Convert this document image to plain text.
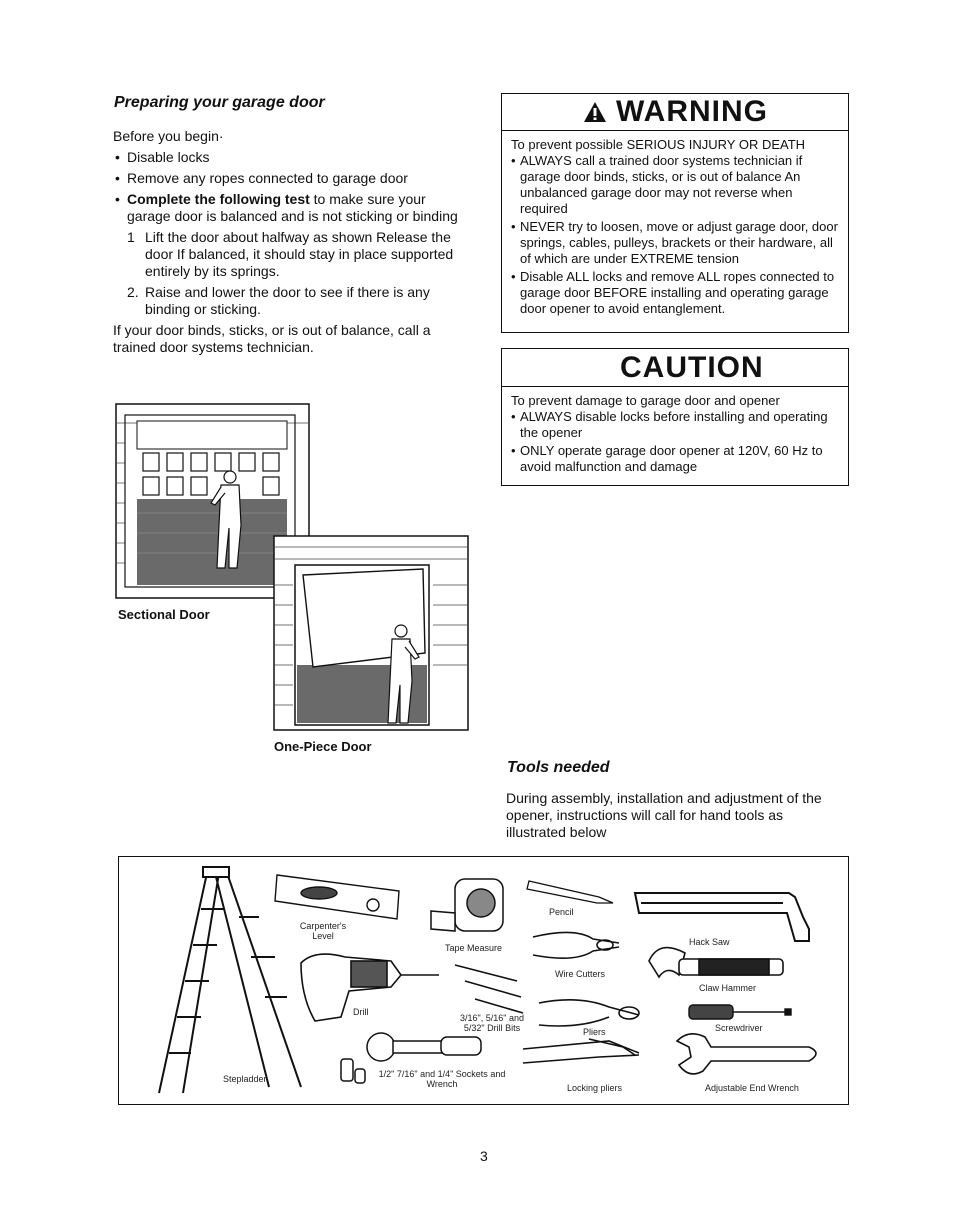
Preparing your garage door
Before you begin·
• Disable locks
• Remove any ropes connected to garage door
• Complete the following test to make sure your garage door is balanced and is not sticking or binding
1 Lift the door about halfway as shown Release the door If balanced, it should stay in place supported entirely by its springs.
2. Raise and lower the door to see if there is any binding or sticking.
If your door binds, sticks, or is out of balance, call a trained door systems technician.
Sectional Door
One-Piece Door
WARNING
To prevent possible SERIOUS INJURY OR DEATH
• ALWAYS call a trained door systems technician if garage door binds, sticks, or is out of balance An unbalanced garage door may not reverse when required
• NEVER try to loosen, move or adjust garage door, door springs, cables, pulleys, brackets or their hardware, all of which are under EXTREME tension
• Disable ALL locks and remove ALL ropes connected to garage door BEFORE installing and operating garage door opener to avoid entanglement.
CAUTION
To prevent damage to garage door and opener
• ALWAYS disable locks before installing and operating the opener
• ONLY operate garage door opener at 120V, 60 Hz to avoid malfunction and damage
Tools needed
During assembly, installation and adjustment of the opener, instructions will call for hand tools as illustrated below
Stepladder
Carpenter's Level
Tape Measure
Drill
3/16", 5/16" and 5/32" Drill Bits
1/2" 7/16" and 1/4" Sockets and Wrench
Pencil
Wire Cutters
Pliers
Locking pliers
Hack Saw
Claw Hammer
Screwdriver
Adjustable End Wrench
3
